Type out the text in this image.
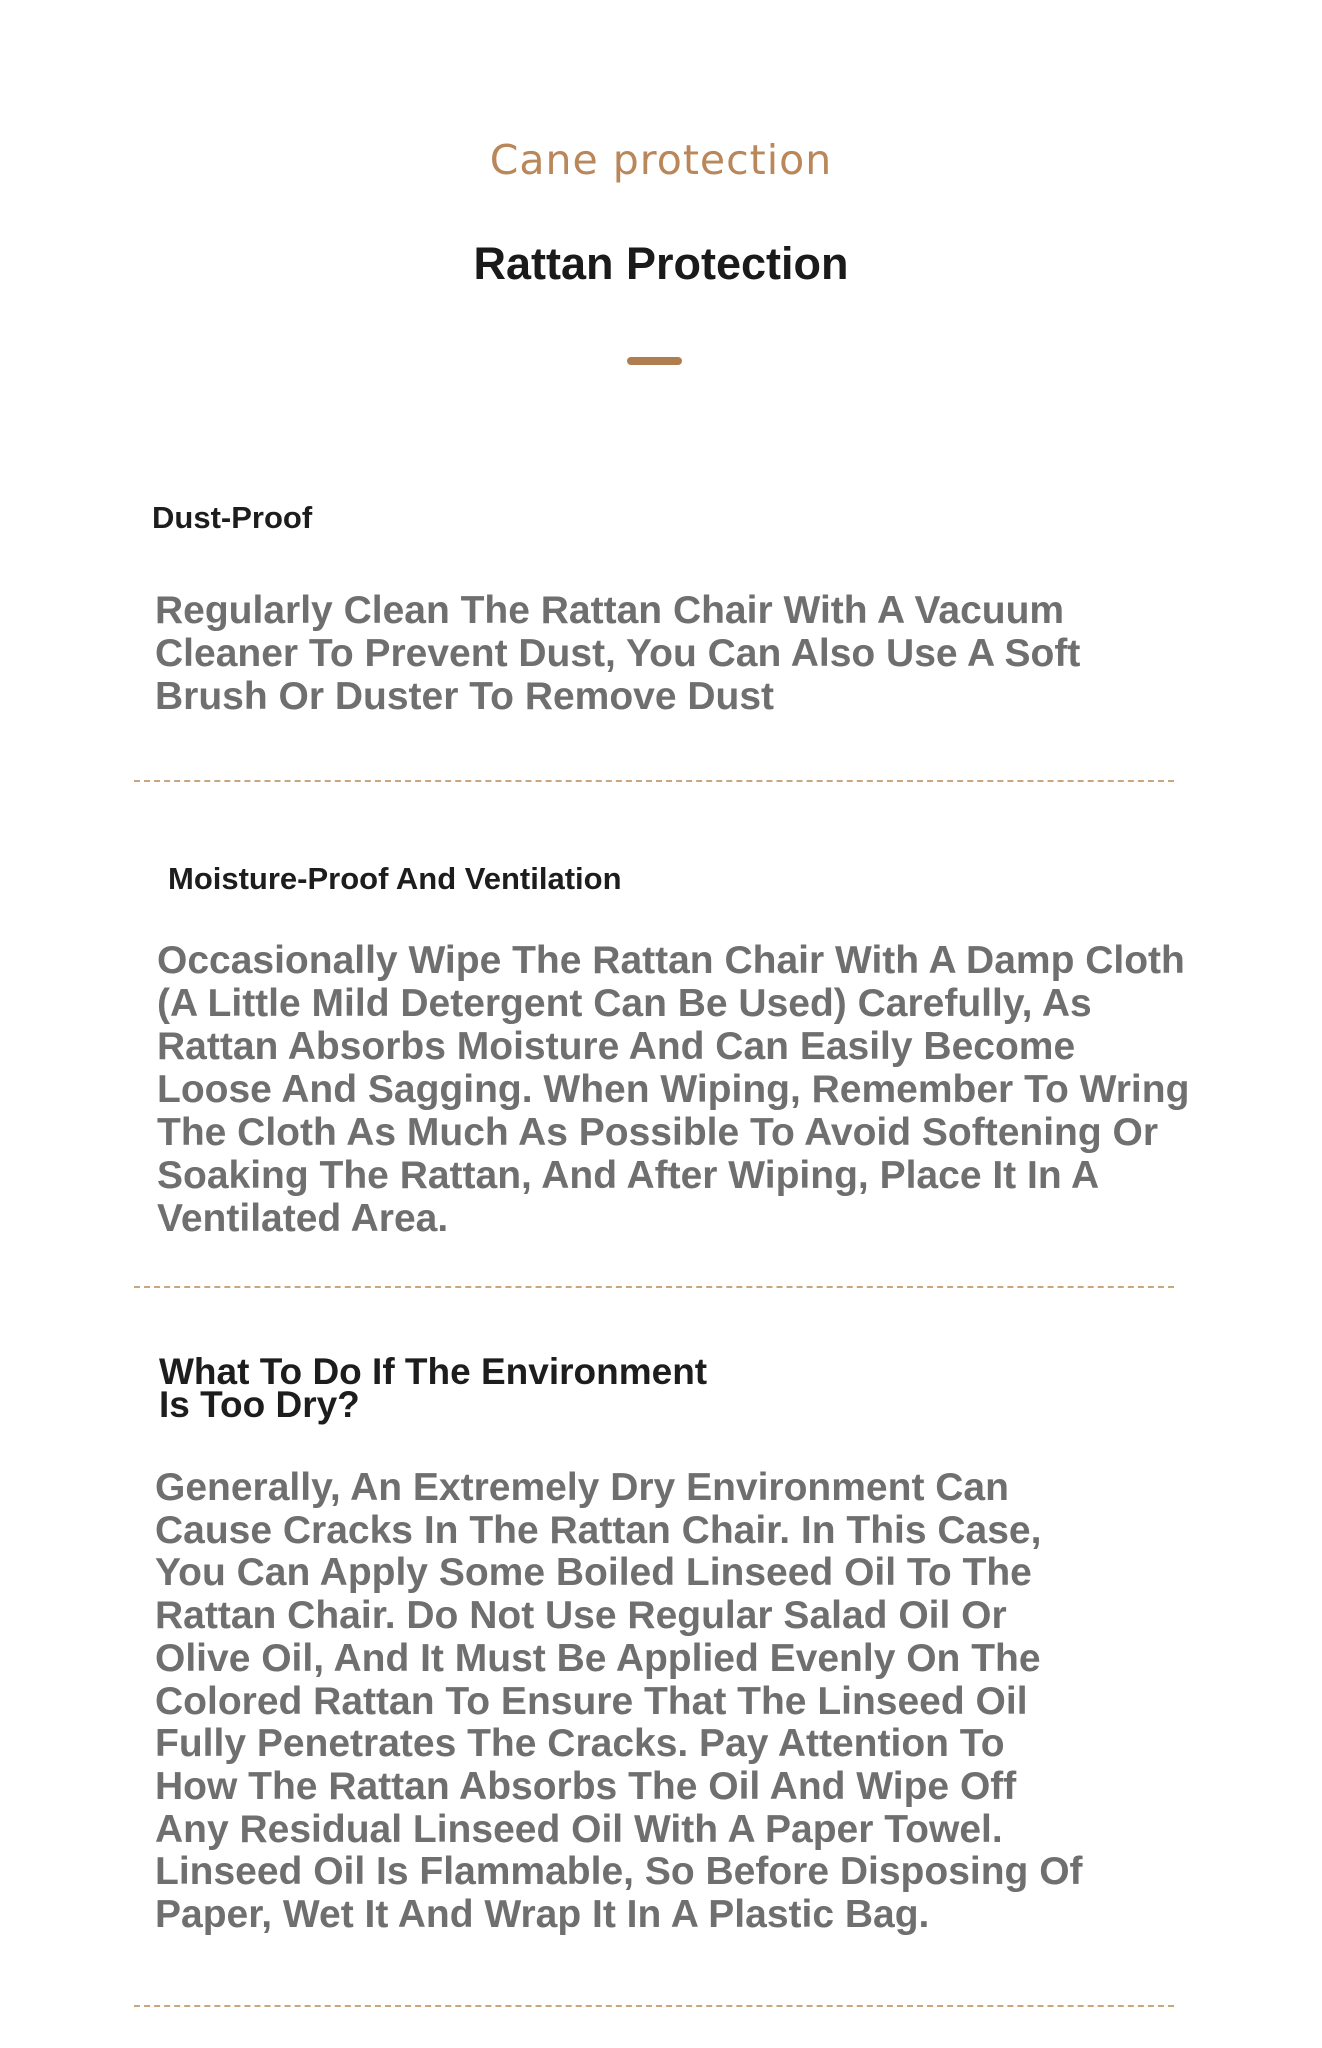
Cane protection
Rattan Protection
Dust-Proof

Regularly Clean The Rattan Chair With A Vacuum Cleaner To Prevent Dust, You Can Also Use A Soft Brush Or Duster To Remove Dust

Moisture-Proof And Ventilation

Occasionally Wipe The Rattan Chair With A Damp Cloth (A Little Mild Detergent Can Be Used) Carefully, As Rattan Absorbs Moisture And Can Easily Become Loose And Sagging. When Wiping, Remember To Wring The Cloth As Much As Possible To Avoid Softening Or Soaking The Rattan, And After Wiping, Place It In A Ventilated Area.

What To Do If The Environment Is Too Dry?

Generally, An Extremely Dry Environment Can Cause Cracks In The Rattan Chair. In This Case, You Can Apply Some Boiled Linseed Oil To The Rattan Chair. Do Not Use Regular Salad Oil Or Olive Oil, And It Must Be Applied Evenly On The Colored Rattan To Ensure That The Linseed Oil Fully Penetrates The Cracks. Pay Attention To How The Rattan Absorbs The Oil And Wipe Off Any Residual Linseed Oil With A Paper Towel. Linseed Oil Is Flammable, So Before Disposing Of Paper, Wet It And Wrap It In A Plastic Bag.
